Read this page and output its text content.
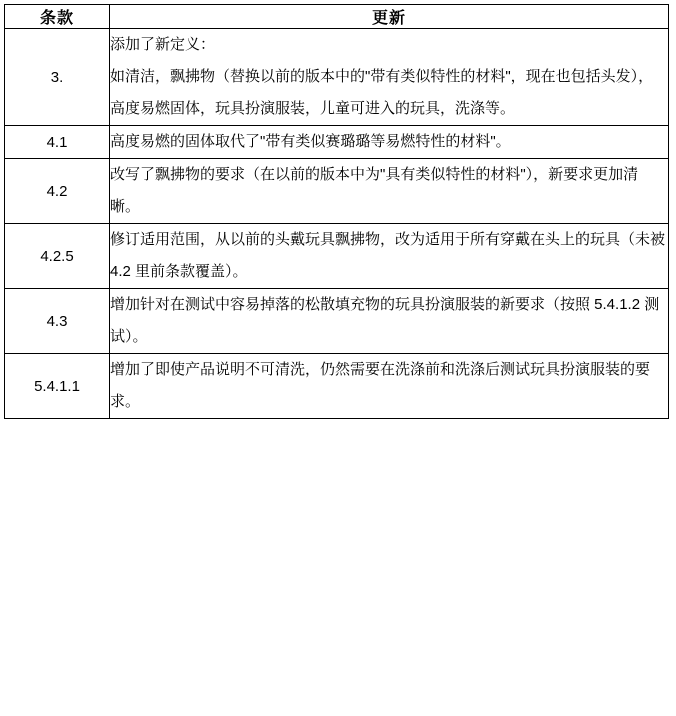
条款	更新
3.	添加了新定义：

如清洁，飘拂物（替换以前的版本中的"带有类似特性的材料"，现在也包括头发），高度易燃固体，玩具扮演服装，儿童可进入的玩具，洗涤等。

4.1	高度易燃的固体取代了"带有类似赛璐璐等易燃特性的材料"。

4.2	改写了飘拂物的要求（在以前的版本中为"具有类似特性的材料"），新要求更加清晰。

4.2.5	修订适用范围，从以前的头戴玩具飘拂物，改为适用于所有穿戴在头上的玩具（未被 4.2 里前条款覆盖）。

4.3	增加针对在测试中容易掉落的松散填充物的玩具扮演服装的新要求（按照 5.4.1.2 测试）。

5.4.1.1	增加了即使产品说明不可清洗，仍然需要在洗涤前和洗涤后测试玩具扮演服装的要求。
